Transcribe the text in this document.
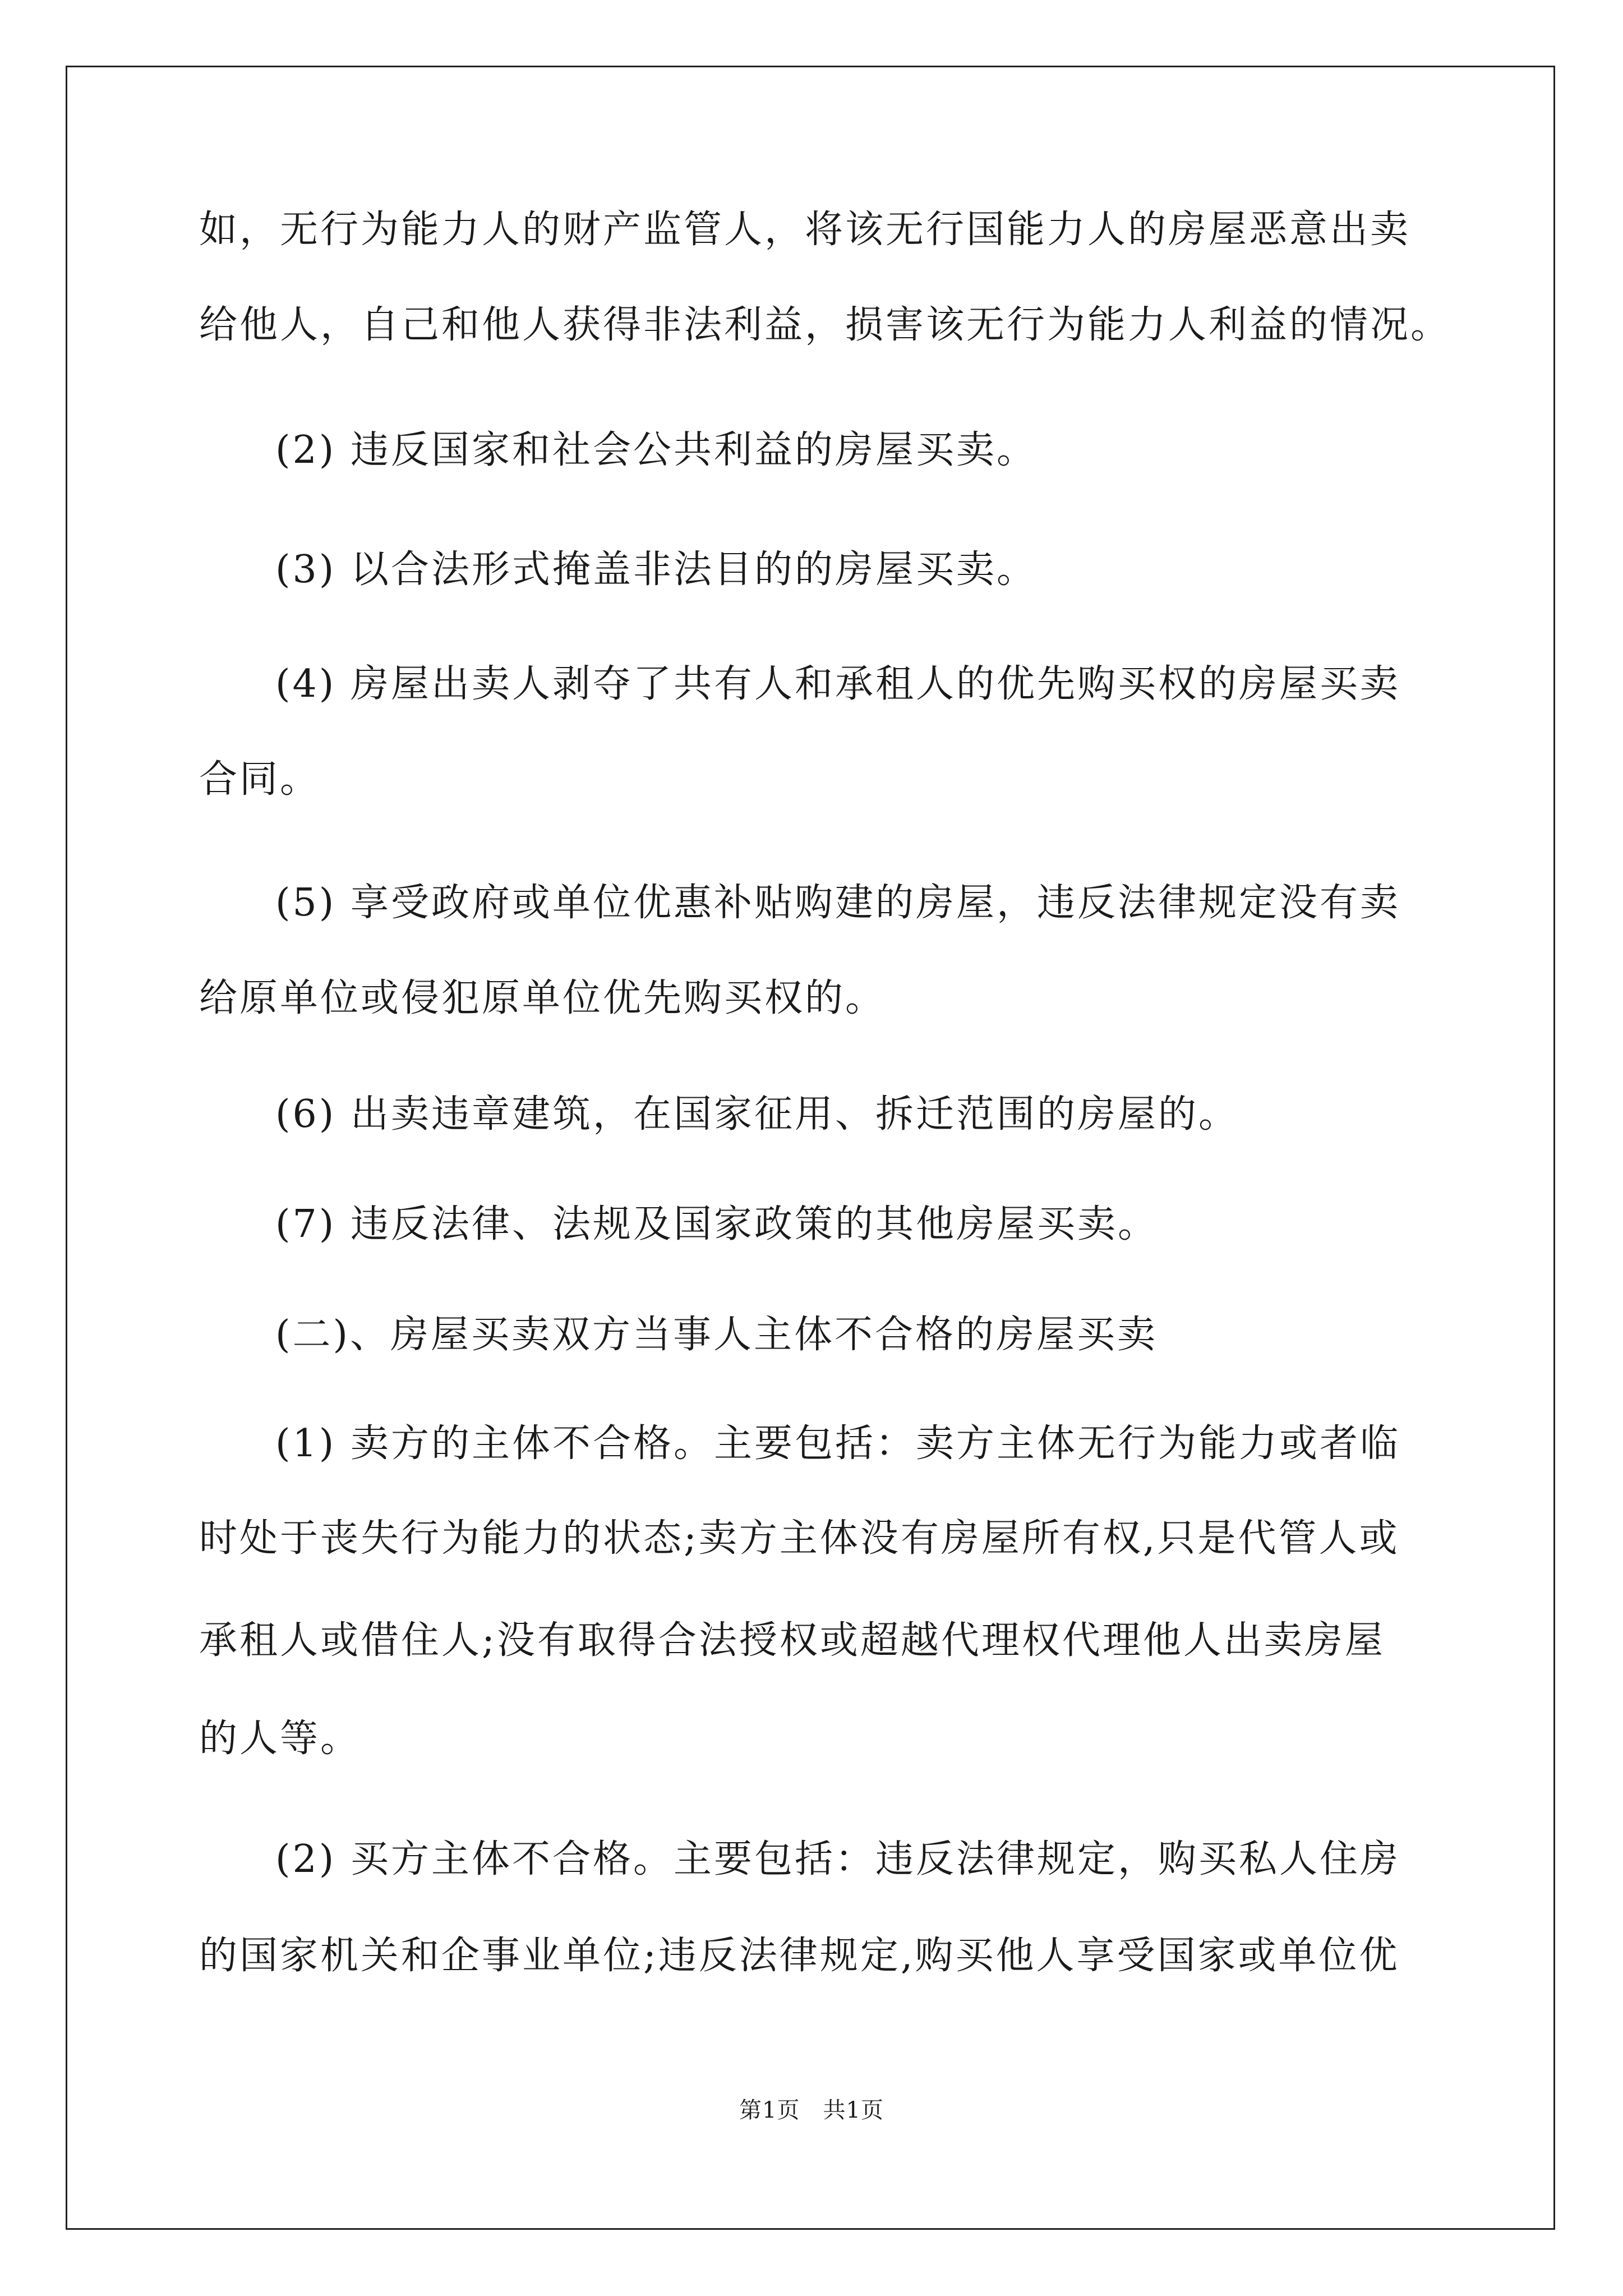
如，无行为能力人的财产监管人，将该无行国能力人的房屋恶意出卖
给他人，自己和他人获得非法利益，损害该无行为能力人利益的情况。
(2) 违反国家和社会公共利益的房屋买卖。
(3) 以合法形式掩盖非法目的的房屋买卖。
(4) 房屋出卖人剥夺了共有人和承租人的优先购买权的房屋买卖
合同。
(5) 享受政府或单位优惠补贴购建的房屋，违反法律规定没有卖
给原单位或侵犯原单位优先购买权的。
(6) 出卖违章建筑，在国家征用、拆迁范围的房屋的。
(7) 违反法律、法规及国家政策的其他房屋买卖。
(二)、房屋买卖双方当事人主体不合格的房屋买卖
(1) 卖方的主体不合格。主要包括：卖方主体无行为能力或者临
时处于丧失行为能力的状态;卖方主体没有房屋所有权,只是代管人或
承租人或借住人;没有取得合法授权或超越代理权代理他人出卖房屋
的人等。
(2) 买方主体不合格。主要包括：违反法律规定，购买私人住房
的国家机关和企事业单位;违反法律规定,购买他人享受国家或单位优
第1页　共1页
